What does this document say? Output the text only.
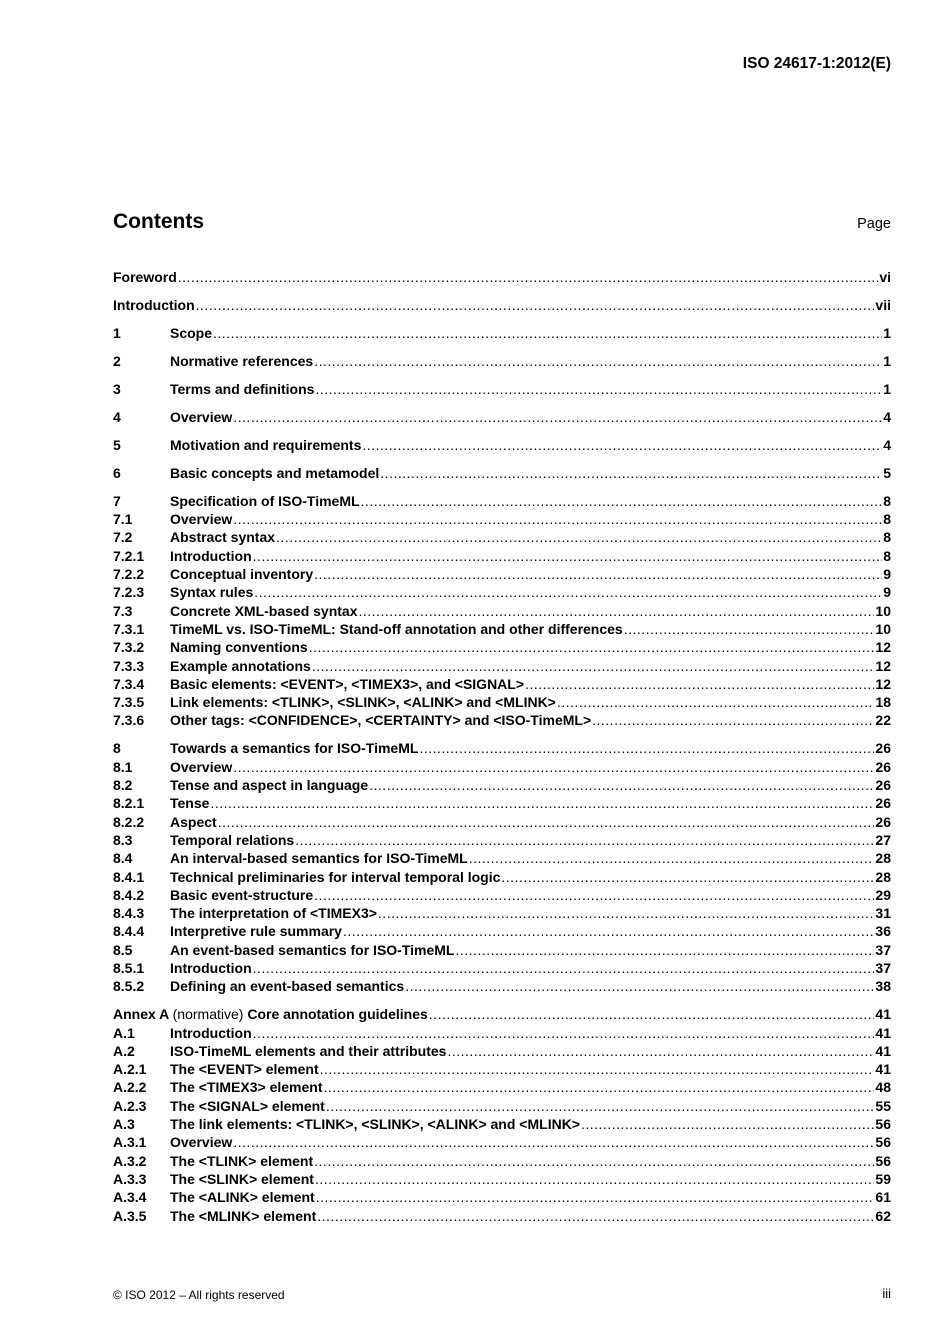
ISO 24617-1:2012(E)
Contents	Page
Foreword .....	vi
Introduction .....	vii
1	Scope .....	1
2	Normative references .....	1
3	Terms and definitions .....	1
4	Overview .....	4
5	Motivation and requirements .....	4
6	Basic concepts and metamodel .....	5
7	Specification of ISO-TimeML .....	8
7.1	Overview .....	8
7.2	Abstract syntax .....	8
7.2.1	Introduction .....	8
7.2.2	Conceptual inventory .....	9
7.2.3	Syntax rules .....	9
7.3	Concrete XML-based syntax .....	10
7.3.1	TimeML vs. ISO-TimeML: Stand-off annotation and other differences .....	10
7.3.2	Naming conventions .....	12
7.3.3	Example annotations .....	12
7.3.4	Basic elements: <EVENT>, <TIMEX3>, and <SIGNAL> .....	12
7.3.5	Link elements: <TLINK>, <SLINK>, <ALINK> and <MLINK> .....	18
7.3.6	Other tags: <CONFIDENCE>, <CERTAINTY> and <ISO-TimeML> .....	22
8	Towards a semantics for ISO-TimeML .....	26
8.1	Overview .....	26
8.2	Tense and aspect in language .....	26
8.2.1	Tense .....	26
8.2.2	Aspect .....	26
8.3	Temporal relations .....	27
8.4	An interval-based semantics for ISO-TimeML .....	28
8.4.1	Technical preliminaries for interval temporal logic .....	28
8.4.2	Basic event-structure .....	29
8.4.3	The interpretation of <TIMEX3> .....	31
8.4.4	Interpretive rule summary .....	36
8.5	An event-based semantics for ISO-TimeML .....	37
8.5.1	Introduction .....	37
8.5.2	Defining an event-based semantics .....	38
Annex A (normative) Core annotation guidelines .....	41
A.1	Introduction .....	41
A.2	ISO-TimeML elements and their attributes .....	41
A.2.1	The <EVENT> element .....	41
A.2.2	The <TIMEX3> element .....	48
A.2.3	The <SIGNAL> element .....	55
A.3	The link elements: <TLINK>, <SLINK>, <ALINK> and <MLINK> .....	56
A.3.1	Overview .....	56
A.3.2	The <TLINK> element .....	56
A.3.3	The <SLINK> element .....	59
A.3.4	The <ALINK> element .....	61
A.3.5	The <MLINK> element .....	62
© ISO 2012 – All rights reserved	iii
